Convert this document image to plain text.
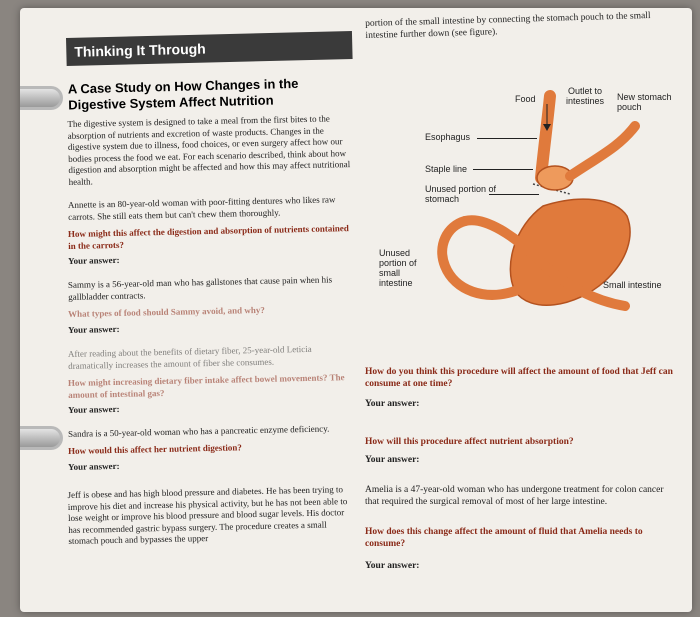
Thinking It Through
A Case Study on How Changes in the Digestive System Affect Nutrition
The digestive system is designed to take a meal from the first bites to the absorption of nutrients and excretion of waste products. Changes in the digestive system due to illness, food choices, or even surgery affect how our bodies process the food we eat. For each scenario described, think about how digestion and absorption might be affected and how this may affect nutritional health.
Annette is an 80-year-old woman with poor-fitting dentures who likes raw carrots. She still eats them but can't chew them thoroughly.
How might this affect the digestion and absorption of nutrients contained in the carrots?
Your answer:
Sammy is a 56-year-old man who has gallstones that cause pain when his gallbladder contracts.
What types of food should Sammy avoid, and why?
Your answer:
After reading about the benefits of dietary fiber, 25-year-old Leticia dramatically increases the amount of fiber she consumes.
How might increasing dietary fiber intake affect bowel movements? The amount of intestinal gas?
Your answer:
Sandra is a 50-year-old woman who has a pancreatic enzyme deficiency.
How would this affect her nutrient digestion?
Your answer:
Jeff is obese and has high blood pressure and diabetes. He has been trying to improve his diet and increase his physical activity, but he has not been able to lose weight or improve his blood pressure and blood sugar levels. His doctor has recommended gastric bypass surgery. The procedure creates a small stomach pouch and bypasses the upper
portion of the small intestine by connecting the stomach pouch to the small intestine further down (see figure).
Food
Outlet to intestines	New stomach pouch
Esophagus
Staple line
Unused portion of stomach
Unused portion of small intestine	Small intestine
How do you think this procedure will affect the amount of food that Jeff can consume at one time?
Your answer:
How will this procedure affect nutrient absorption?
Your answer:
Amelia is a 47-year-old woman who has undergone treatment for colon cancer that required the surgical removal of most of her large intestine.
How does this change affect the amount of fluid that Amelia needs to consume?
Your answer:
